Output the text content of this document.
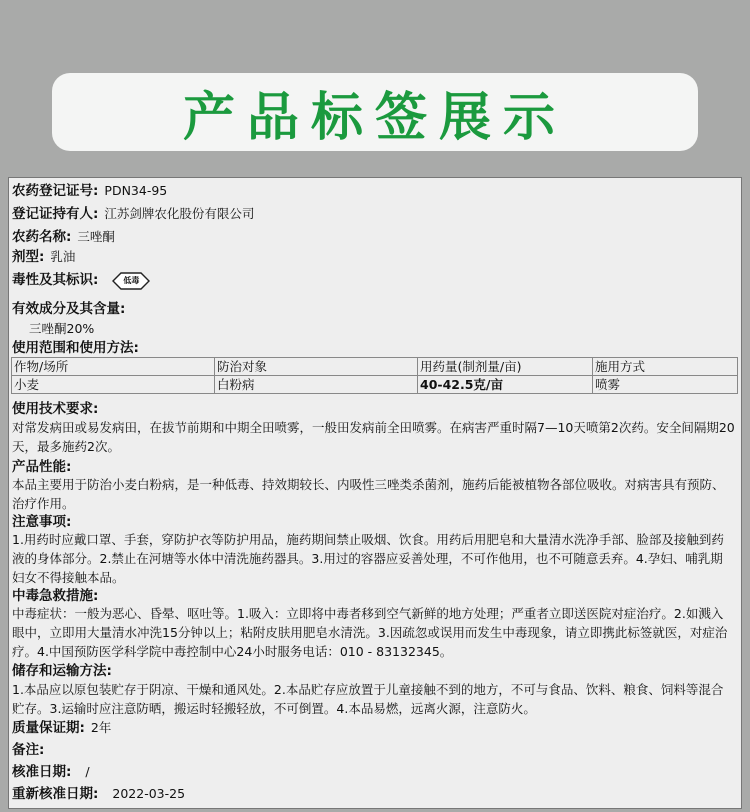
产品标签展示
农药登记证号: PDN34-95
登记证持有人: 江苏剑牌农化股份有限公司
农药名称: 三唑酮
剂型: 乳油
毒性及其标识:	低毒
有效成分及其含量:
三唑酮20%
使用范围和使用方法:
作物/场所	防治对象	用药量(制剂量/亩)	施用方式
小麦	白粉病	40-42.5克/亩	喷雾
使用技术要求:
对常发病田或易发病田，在拔节前期和中期全田喷雾，一般田发病前全田喷雾。在病害严重时隔7—10天喷第2次药。安全间隔期20天，最多施药2次。
产品性能:
本品主要用于防治小麦白粉病，是一种低毒、持效期较长、内吸性三唑类杀菌剂，施药后能被植物各部位吸收。对病害具有预防、治疗作用。
注意事项:
1.用药时应戴口罩、手套，穿防护衣等防护用品，施药期间禁止吸烟、饮食。用药后用肥皂和大量清水洗净手部、脸部及接触到药液的身体部分。2.禁止在河塘等水体中清洗施药器具。3.用过的容器应妥善处理，不可作他用，也不可随意丢弃。4.孕妇、哺乳期妇女不得接触本品。
中毒急救措施:
中毒症状：一般为恶心、昏晕、呕吐等。1.吸入：立即将中毒者移到空气新鲜的地方处理；严重者立即送医院对症治疗。2.如溅入眼中，立即用大量清水冲洗15分钟以上；粘附皮肤用肥皂水清洗。3.因疏忽或误用而发生中毒现象，请立即携此标签就医，对症治疗。4.中国预防医学科学院中毒控制中心24小时服务电话：010 - 83132345。
储存和运输方法:
1.本品应以原包装贮存于阴凉、干燥和通风处。2.本品贮存应放置于儿童接触不到的地方，不可与食品、饮料、粮食、饲料等混合贮存。3.运输时应注意防晒，搬运时轻搬轻放，不可倒置。4.本品易燃，远离火源，注意防火。
质量保证期: 2年
备注:
核准日期: /
重新核准日期: 2022-03-25
